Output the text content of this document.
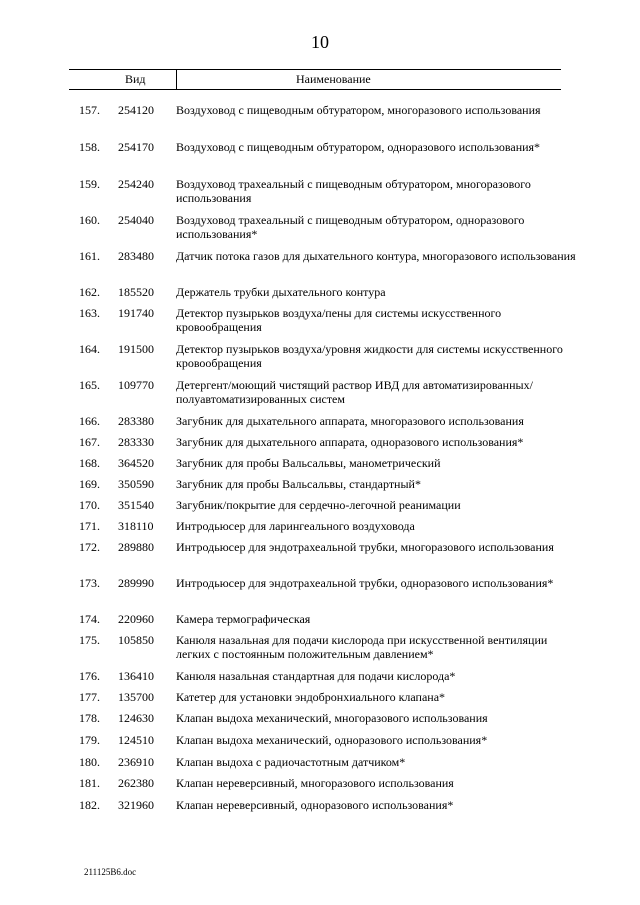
10
Вид	Наименование
157. 254120 Воздуховод с пищеводным обтуратором, многоразового использования
158. 254170 Воздуховод с пищеводным обтуратором, одноразового использования*
159. 254240 Воздуховод трахеальный с пищеводным обтуратором, многоразового использования
160. 254040 Воздуховод трахеальный с пищеводным обтуратором, одноразового использования*
161. 283480 Датчик потока газов для дыхательного контура, многоразового использования
162. 185520 Держатель трубки дыхательного контура
163. 191740 Детектор пузырьков воздуха/пены для системы искусственного кровообращения
164. 191500 Детектор пузырьков воздуха/уровня жидкости для системы искусственного кровообращения
165. 109770 Детергент/моющий чистящий раствор ИВД для автоматизированных/полуавтоматизированных систем
166. 283380 Загубник для дыхательного аппарата, многоразового использования
167. 283330 Загубник для дыхательного аппарата, одноразового использования*
168. 364520 Загубник для пробы Вальсальвы, манометрический
169. 350590 Загубник для пробы Вальсальвы, стандартный*
170. 351540 Загубник/покрытие для сердечно-легочной реанимации
171. 318110 Интродьюсер для ларингеального воздуховода
172. 289880 Интродьюсер для эндотрахеальной трубки, многоразового использования
173. 289990 Интродьюсер для эндотрахеальной трубки, одноразового использования*
174. 220960 Камера термографическая
175. 105850 Канюля назальная для подачи кислорода при искусственной вентиляции легких с постоянным положительным давлением*
176. 136410 Канюля назальная стандартная для подачи кислорода*
177. 135700 Катетер для установки эндобронхиального клапана*
178. 124630 Клапан выдоха механический, многоразового использования
179. 124510 Клапан выдоха механический, одноразового использования*
180. 236910 Клапан выдоха с радиочастотным датчиком*
181. 262380 Клапан нереверсивный, многоразового использования
182. 321960 Клапан нереверсивный, одноразового использования*
211125B6.doc
